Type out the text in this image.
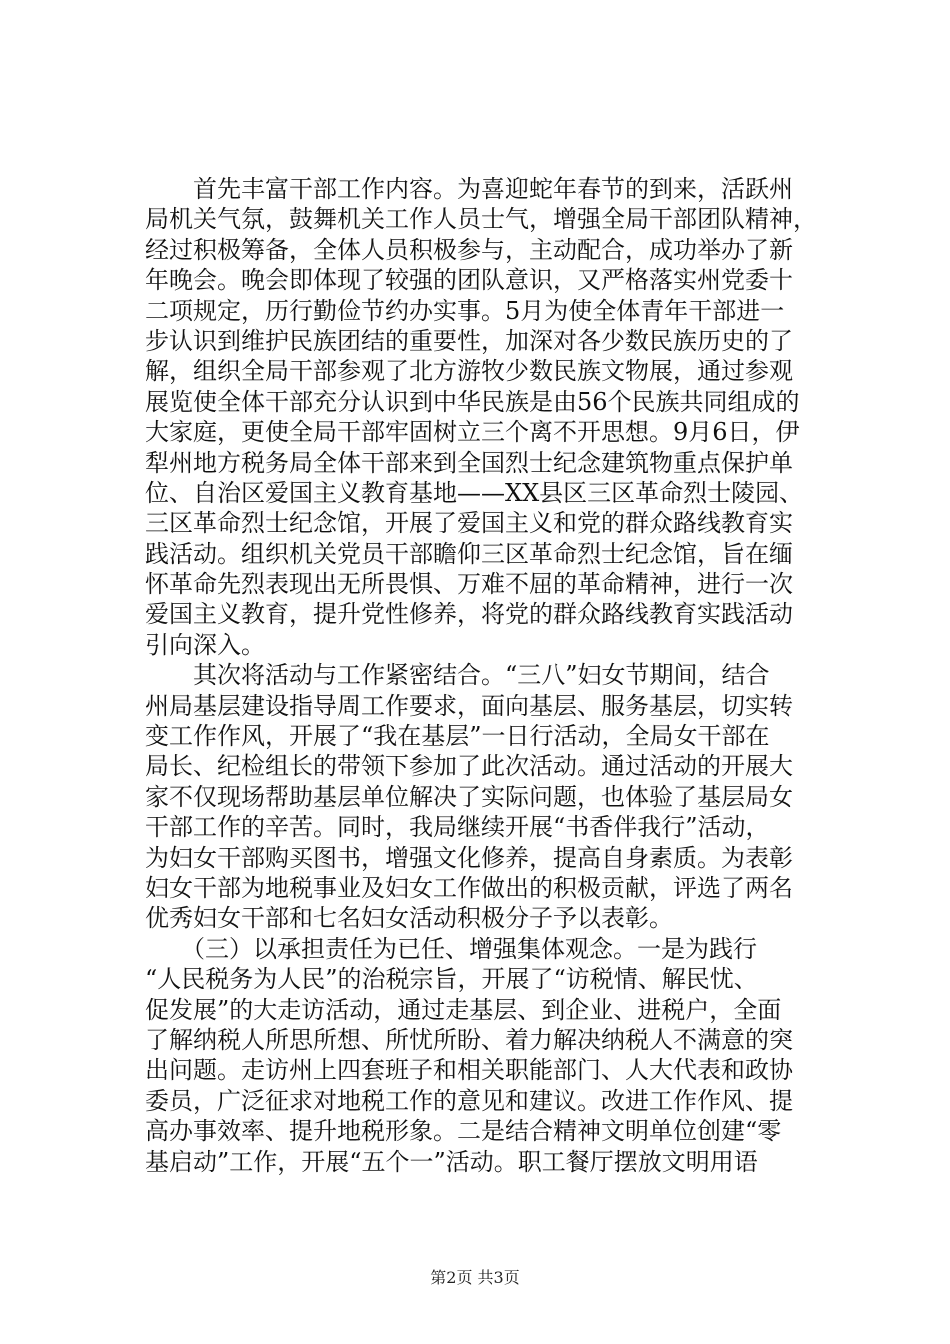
　　首先丰富干部工作内容。为喜迎蛇年春节的到来，活跃州
局机关气氛，鼓舞机关工作人员士气，增强全局干部团队精神，
经过积极筹备，全体人员积极参与，主动配合，成功举办了新
年晚会。晚会即体现了较强的团队意识，又严格落实州党委十
二项规定，历行勤俭节约办实事。5月为使全体青年干部进一
步认识到维护民族团结的重要性，加深对各少数民族历史的了
解，组织全局干部参观了北方游牧少数民族文物展，通过参观
展览使全体干部充分认识到中华民族是由56个民族共同组成的
大家庭，更使全局干部牢固树立三个离不开思想。9月6日，伊
犁州地方税务局全体干部来到全国烈士纪念建筑物重点保护单
位、自治区爱国主义教育基地——XX县区三区革命烈士陵园、
三区革命烈士纪念馆，开展了爱国主义和党的群众路线教育实
践活动。组织机关党员干部瞻仰三区革命烈士纪念馆，旨在缅
怀革命先烈表现出无所畏惧、万难不屈的革命精神，进行一次
爱国主义教育，提升党性修养，将党的群众路线教育实践活动
引向深入。
　　其次将活动与工作紧密结合。“三八”妇女节期间，结合
州局基层建设指导周工作要求，面向基层、服务基层，切实转
变工作作风，开展了“我在基层”一日行活动，全局女干部在
局长、纪检组长的带领下参加了此次活动。通过活动的开展大
家不仅现场帮助基层单位解决了实际问题，也体验了基层局女
干部工作的辛苦。同时，我局继续开展“书香伴我行”活动，
为妇女干部购买图书，增强文化修养，提高自身素质。为表彰
妇女干部为地税事业及妇女工作做出的积极贡献，评选了两名
优秀妇女干部和七名妇女活动积极分子予以表彰。
　　（三）以承担责任为已任、增强集体观念。一是为践行
“人民税务为人民”的治税宗旨，开展了“访税情、解民忧、
促发展”的大走访活动，通过走基层、到企业、进税户，全面
了解纳税人所思所想、所忧所盼、着力解决纳税人不满意的突
出问题。走访州上四套班子和相关职能部门、人大代表和政协
委员，广泛征求对地税工作的意见和建议。改进工作作风、提
高办事效率、提升地税形象。二是结合精神文明单位创建“零
基启动”工作，开展“五个一”活动。职工餐厅摆放文明用语
第2页 共3页
